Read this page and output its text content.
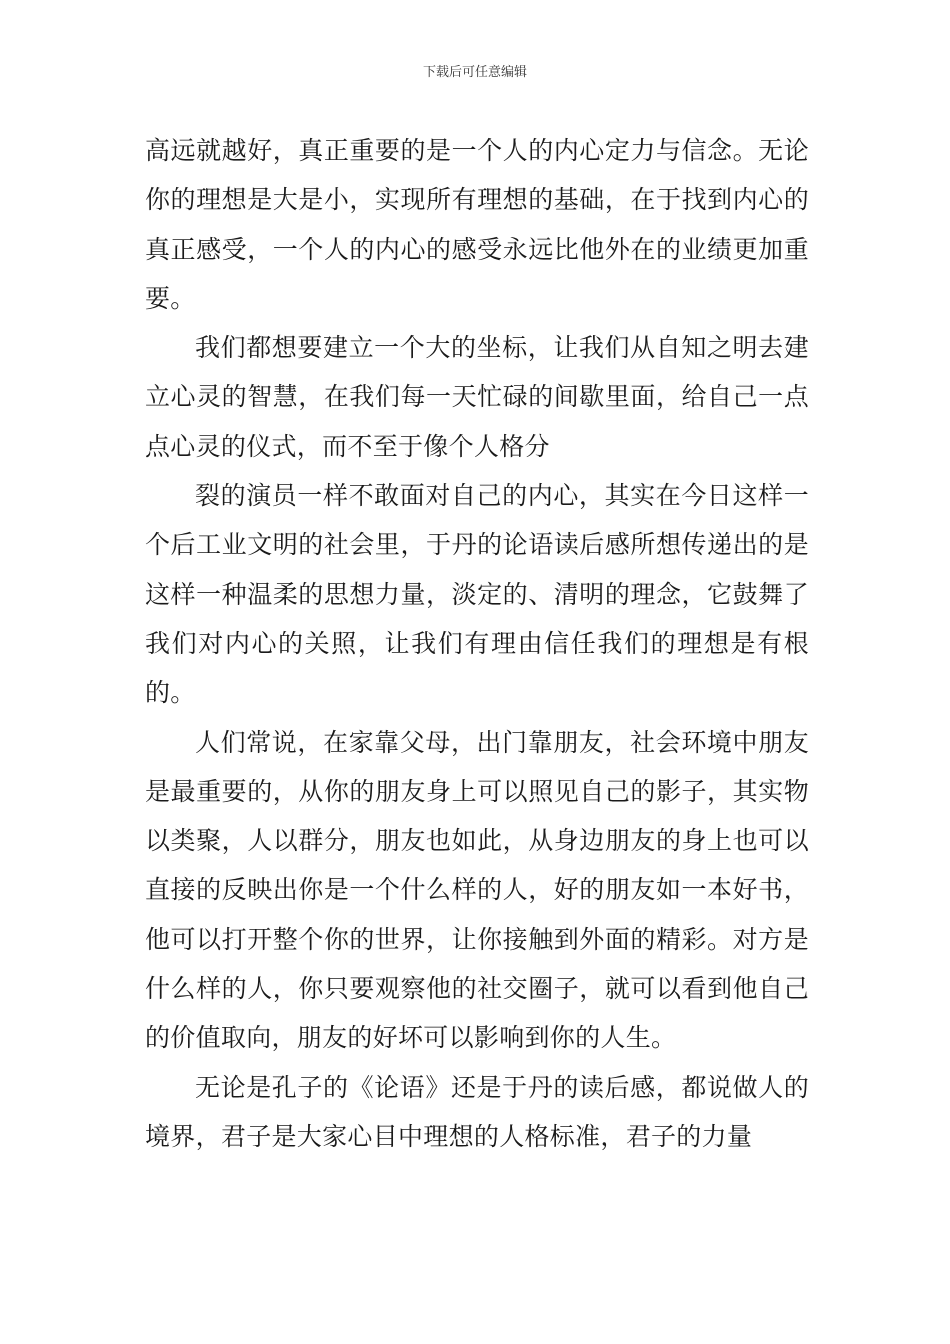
下载后可任意编辑

高远就越好，真正重要的是一个人的内心定力与信念。无论你的理想是大是小，实现所有理想的基础，在于找到内心的真正感受，一个人的内心的感受永远比他外在的业绩更加重要。

我们都想要建立一个大的坐标，让我们从自知之明去建立心灵的智慧，在我们每一天忙碌的间歇里面，给自己一点点心灵的仪式，而不至于像个人格分

裂的演员一样不敢面对自己的内心，其实在今日这样一个后工业文明的社会里，于丹的论语读后感所想传递出的是这样一种温柔的思想力量，淡定的、清明的理念，它鼓舞了我们对内心的关照，让我们有理由信任我们的理想是有根的。

人们常说，在家靠父母，出门靠朋友，社会环境中朋友是最重要的，从你的朋友身上可以照见自己的影子，其实物以类聚，人以群分，朋友也如此，从身边朋友的身上也可以直接的反映出你是一个什么样的人，好的朋友如一本好书，他可以打开整个你的世界，让你接触到外面的精彩。对方是什么样的人，你只要观察他的社交圈子，就可以看到他自己的价值取向，朋友的好坏可以影响到你的人生。

无论是孔子的《论语》还是于丹的读后感，都说做人的境界，君子是大家心目中理想的人格标准，君子的力量
